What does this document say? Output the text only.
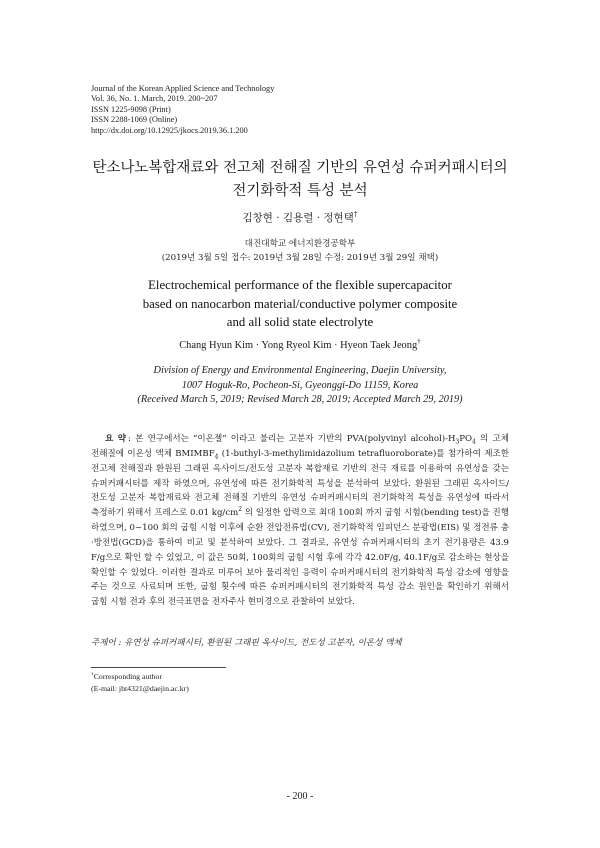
Journal of the Korean Applied Science and Technology
Vol. 36, No. 1. March, 2019. 200~207
ISSN 1225-9098 (Print)
ISSN 2288-1069 (Online)
http://dx.doi.org/10.12925/jkocs.2019.36.1.200
탄소나노복합재료와 전고체 전해질 기반의 유연성 슈퍼커패시터의
전기화학적 특성 분석
김창현 · 김용렬 · 정현택†
대진대학교 에너지환경공학부
(2019년 3월 5일 접수: 2019년 3월 28일 수정: 2019년 3월 29일 채택)
Electrochemical performance of the flexible supercapacitor
based on nanocarbon material/conductive polymer composite
and all solid state electrolyte
Chang Hyun Kim · Yong Ryeol Kim · Hyeon Taek Jeong†
Division of Energy and Environmental Engineering, Daejin University,
1007 Hoguk-Ro, Pocheon-Si, Gyeonggi-Do 11159, Korea
(Received March 5, 2019; Revised March 28, 2019; Accepted March 29, 2019)
요 약 : 본 연구에서는 “이온젤” 이라고 불리는 고분자 기반의 PVA(polyvinyl $alcohol)-H_3PO_4$ 의 고체 전해질에 이온성 액체 $BMIMBF_4$ (1-buthyl-3-methylimidazolium tetrafluoroborate)를 첨가하여 제조한 전고체 전해질과 환원된 그래핀 옥사이드/전도성 고분자 복합재료 기반의 전극 재료를 이용하여 유연성을 갖는 슈퍼커패시터를 제작 하였으며, 유연성에 따른 전기화학적 특성을 분석하여 보았다. 환원된 그래핀 옥사이드/전도성 고분자 복합재료와 전고체 전해질 기반의 유연성 슈퍼커패시터의 전기화학적 특성을 유연성에 따라서 측정하기 위해서 프레스로 0.01 $kg/cm^2$ 의 일정한 압력으로 최대 100회 까지 굽힘 시험(bending test)을 진행 하였으며, 0~100 회의 굽힘 시험 이후에 순환 전압전류법(CV), 전기화학적 임피던스 분광법(EIS) 및 정전류 충·방전법(GCD)을 통하여 비교 및 분석하여 보았다. 그 결과로, 유연성 슈퍼커패시터의 초기 전기용량은 43.9 F/g으로 확인 할 수 있었고, 이 값은 50회, 100회의 굽힘 시험 후에 각각 42.0F/g, 40.1F/g로 감소하는 현상을 확인할 수 있었다. 이러한 결과로 미루어 보아 물리적인 응력이 슈퍼커패시터의 전기화학적 특성 감소에 영향을 주는 것으로 사료되며 또한, 굽힘 횟수에 따른 슈퍼커패시터의 전기화학적 특성 감소 원인을 확인하기 위해서 굽힘 시험 전과 후의 전극표면을 전자주사 현미경으로 관찰하여 보았다.
주제어 : 유연성 슈퍼커패시터, 환원된 그래핀 옥사이드, 전도성 고분자, 이온성 액체
†Corresponding author
(E-mail: jht4321@daejin.ac.kr)
- 200 -
